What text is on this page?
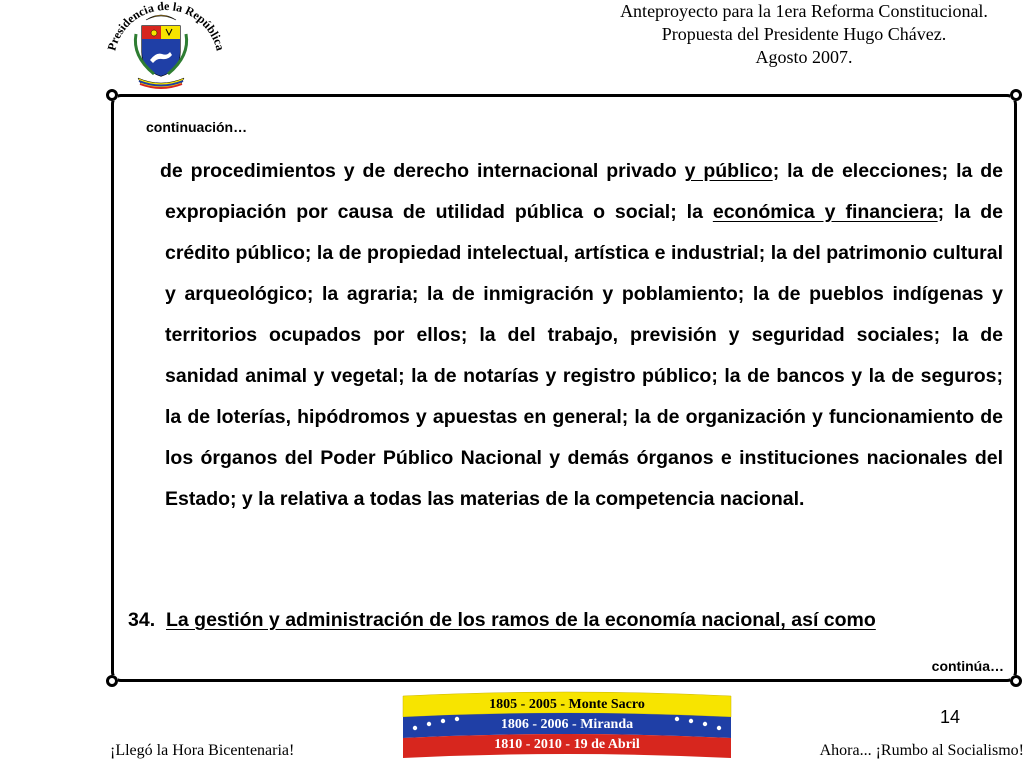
Presidencia de la República
Anteproyecto para la 1era Reforma Constitucional.
Propuesta del Presidente Hugo Chávez.
Agosto 2007.
continuación…
de procedimientos y de derecho internacional privado y público; la de elecciones; la de expropiación por causa de utilidad pública o social; la económica y financiera; la de crédito público; la de propiedad intelectual, artística e industrial; la del patrimonio cultural y arqueológico; la agraria; la de inmigración y poblamiento; la de pueblos indígenas y territorios ocupados por ellos; la del trabajo, previsión y seguridad sociales; la de sanidad animal y vegetal; la de notarías y registro público; la de bancos y la de seguros; la de loterías, hipódromos y apuestas en general; la de organización y funcionamiento de los órganos del Poder Público Nacional y demás órganos e instituciones nacionales del Estado; y la relativa a todas las materias de la competencia nacional.
34. La gestión y administración de los ramos de la economía nacional, así como
continúa…
14
1805 - 2005 - Monte Sacro
1806 - 2006 - Miranda
1810 - 2010 - 19 de Abril
¡Llegó la Hora Bicentenaria!	Ahora... ¡Rumbo al Socialismo!
